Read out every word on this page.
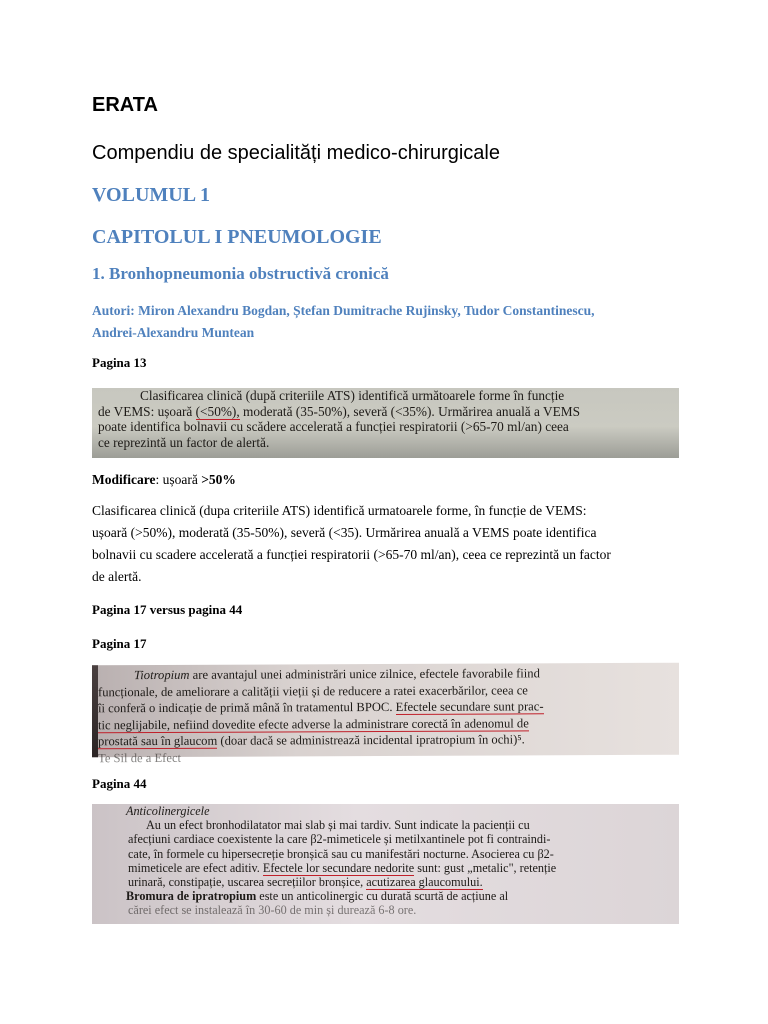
ERATA
Compendiu de specialități medico-chirurgicale
VOLUMUL 1
CAPITOLUL I PNEUMOLOGIE
1. Bronhopneumonia obstructivă cronică
Autori: Miron Alexandru Bogdan, Ștefan Dumitrache Rujinsky, Tudor Constantinescu,
Andrei-Alexandru Muntean
Pagina 13
Clasificarea clinică (după criteriile ATS) identifică următoarele forme în funcție
de VEMS: ușoară (<50%), moderată (35-50%), severă (<35%). Urmărirea anuală a VEMS
poate identifica bolnavii cu scădere accelerată a funcției respiratorii (>65-70 ml/an) ceea
ce reprezintă un factor de alertă.
Modificare: ușoară >50%
Clasificarea clinică (dupa criteriile ATS) identifică urmatoarele forme, în funcție de VEMS:
ușoară (>50%), moderată (35-50%), severă (<35). Urmărirea anuală a VEMS poate identifica
bolnavii cu scadere accelerată a funcției respiratorii (>65-70 ml/an), ceea ce reprezintă un factor
de alertă.
Pagina 17 versus pagina 44
Pagina 17
Tiotropium are avantajul unei administrări unice zilnice, efectele favorabile fiind
funcționale, de ameliorare a calității vieții și de reducere a ratei exacerbărilor, ceea ce
îi conferă o indicație de primă mână în tratamentul BPOC. Efectele secundare sunt prac-
tic neglijabile, nefiind dovedite efecte adverse la administrare corectă în adenomul de
prostată sau în glaucom (doar dacă se administrează incidental ipratropium în ochi)⁵.
Te Sil de a Efect
Pagina 44
Anticolinergicele
Au un efect bronhodilatator mai slab și mai tardiv. Sunt indicate la pacienții cu
afecțiuni cardiace coexistente la care β2-mimeticele și metilxantinele pot fi contraindi-
cate, în formele cu hipersecreție bronșică sau cu manifestări nocturne. Asocierea cu β2-
mimeticele are efect aditiv. Efectele lor secundare nedorite sunt: gust „metalic", retenție
urinară, constipație, uscarea secrețiilor bronșice, acutizarea glaucomului.
Bromura de ipratropium este un anticolinergic cu durată scurtă de acțiune al
cărei efect se instalează în 30-60 de min și durează 6-8 ore.
